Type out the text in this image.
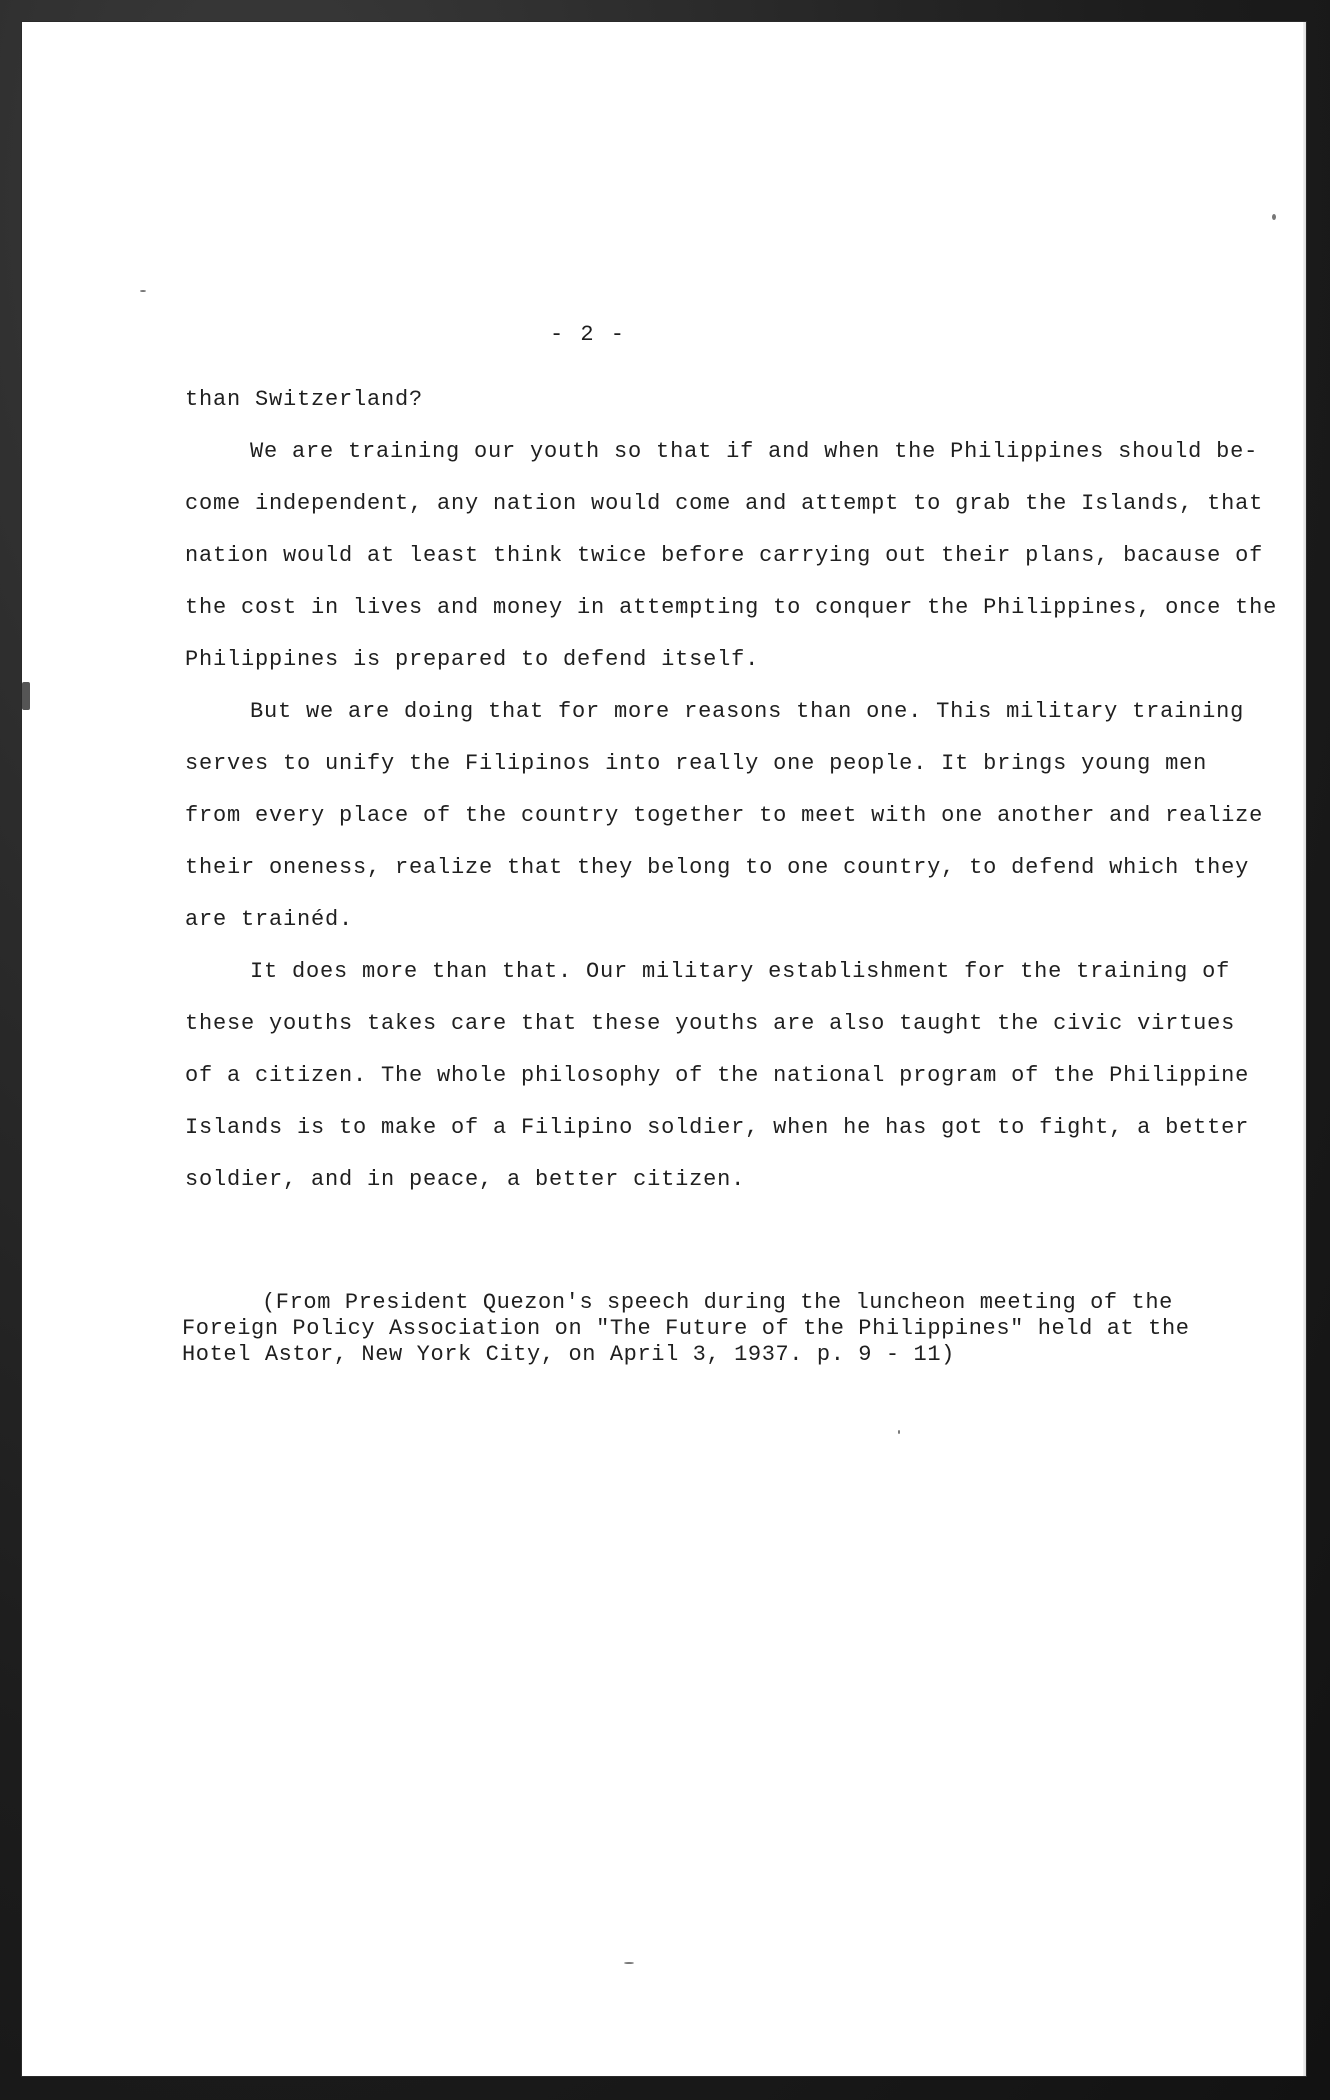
- 2 -
than Switzerland?
We are training our youth so that if and when the Philippines should be-
come independent, any nation would come and attempt to grab the Islands, that
nation would at least think twice before carrying out their plans, bacause of
the cost in lives and money in attempting to conquer the Philippines, once the
Philippines is prepared to defend itself.
But we are doing that for more reasons than one. This military training
serves to unify the Filipinos into really one people. It brings young men
from every place of the country together to meet with one another and realize
their oneness, realize that they belong to one country, to defend which they
are trainéd.
It does more than that. Our military establishment for the training of
these youths takes care that these youths are also taught the civic virtues
of a citizen. The whole philosophy of the national program of the Philippine
Islands is to make of a Filipino soldier, when he has got to fight, a better
soldier, and in peace, a better citizen.
(From President Quezon's speech during the luncheon meeting of the
Foreign Policy Association on "The Future of the Philippines" held at the
Hotel Astor, New York City, on April 3, 1937. p. 9 - 11)
